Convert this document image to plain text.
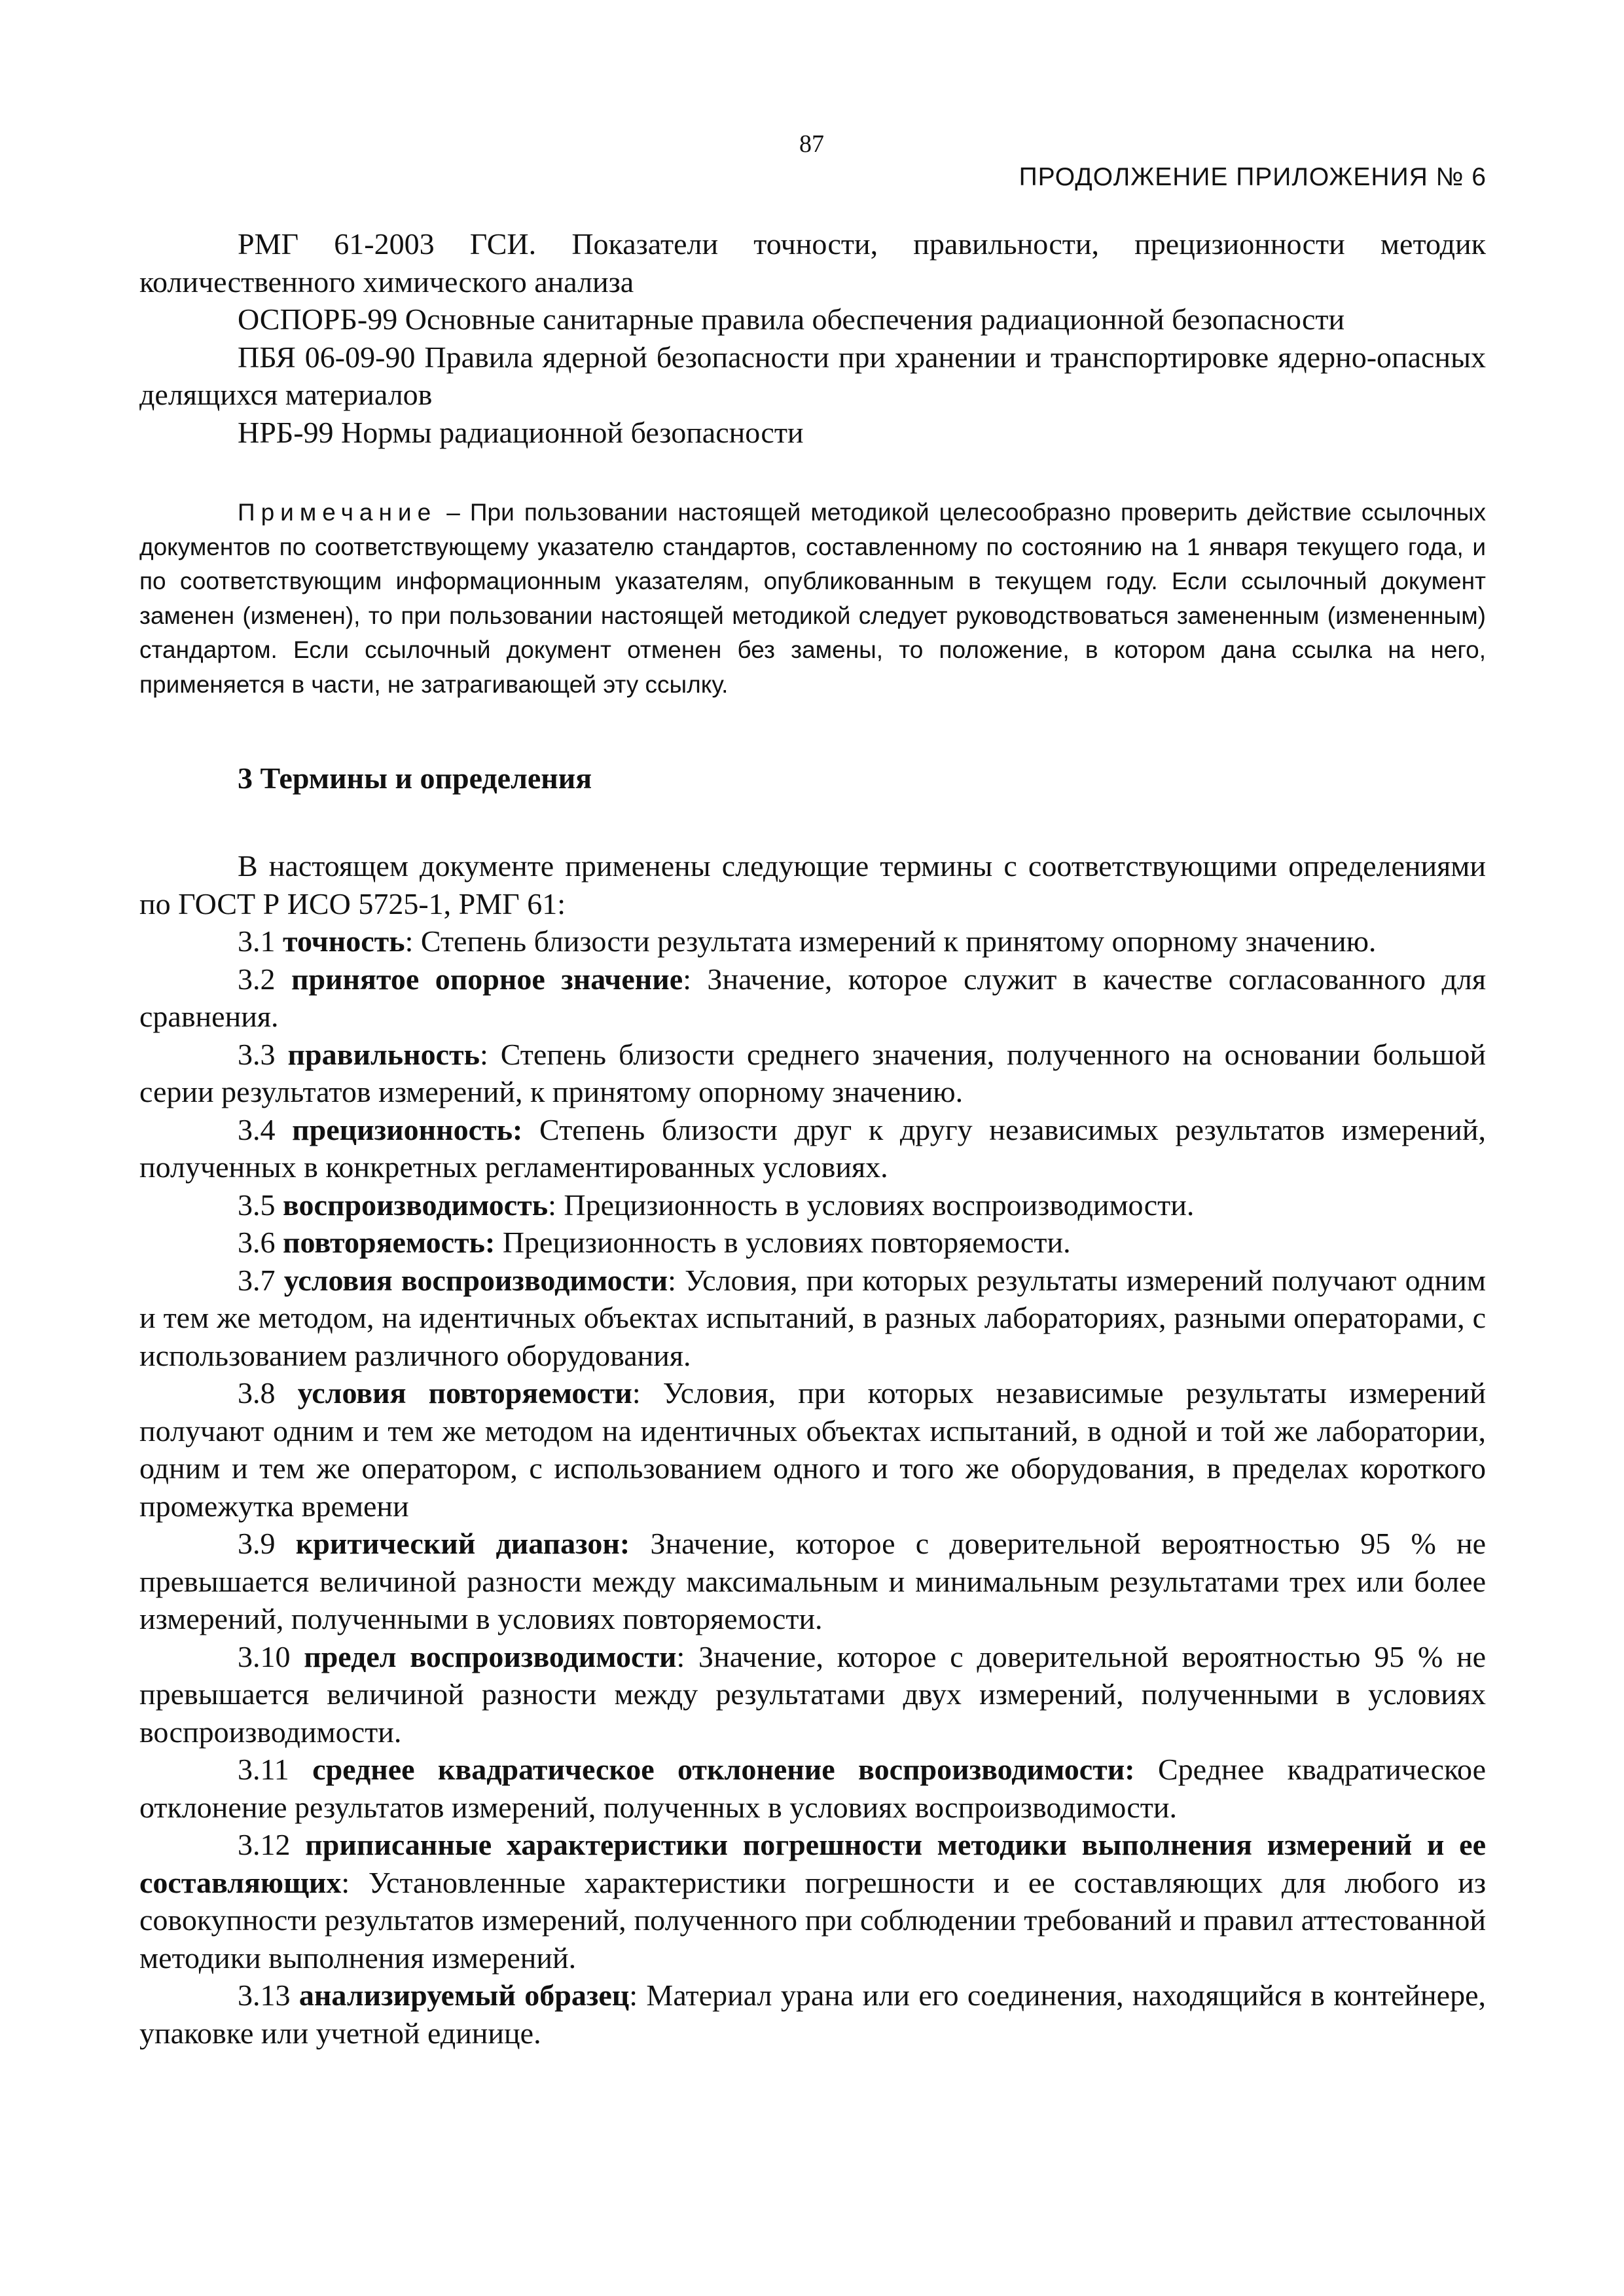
87
ПРОДОЛЖЕНИЕ ПРИЛОЖЕНИЯ № 6

РМГ 61-2003 ГСИ. Показатели точности, правильности, прецизионности методик количественного химического анализа

ОСПОРБ-99 Основные санитарные правила обеспечения радиационной безопасности

ПБЯ 06-09-90 Правила ядерной безопасности при хранении и транспортировке ядерно-опасных делящихся материалов

НРБ-99 Нормы радиационной безопасности

Примечание – При пользовании настоящей методикой целесообразно проверить действие ссылочных документов по соответствующему указателю стандартов, составленному по состоянию на 1 января текущего года, и по соответствующим информационным указателям, опубликованным в текущем году. Если ссылочный документ заменен (изменен), то при пользовании настоящей методикой следует руководствоваться замененным (измененным) стандартом. Если ссылочный документ отменен без замены, то положение, в котором дана ссылка на него, применяется в части, не затрагивающей эту ссылку.

3 Термины и определения

В настоящем документе применены следующие термины с соответствующими определениями по ГОСТ Р ИСО 5725-1, РМГ 61:

3.1 точность: Степень близости результата измерений к принятому опорному значению.

3.2 принятое опорное значение: Значение, которое служит в качестве согласованного для сравнения.

3.3 правильность: Степень близости среднего значения, полученного на основании большой серии результатов измерений, к принятому опорному значению.

3.4 прецизионность: Степень близости друг к другу независимых результатов измерений, полученных в конкретных регламентированных условиях.

3.5 воспроизводимость: Прецизионность в условиях воспроизводимости.

3.6 повторяемость: Прецизионность в условиях повторяемости.

3.7 условия воспроизводимости: Условия, при которых результаты измерений получают одним и тем же методом, на идентичных объектах испытаний, в разных лабораториях, разными операторами, с использованием различного оборудования.

3.8 условия повторяемости: Условия, при которых независимые результаты измерений получают одним и тем же методом на идентичных объектах испытаний, в одной и той же лаборатории, одним и тем же оператором, с использованием одного и того же оборудования, в пределах короткого промежутка времени

3.9 критический диапазон: Значение, которое с доверительной вероятностью 95 % не превышается величиной разности между максимальным и минимальным результатами трех или более измерений, полученными в условиях повторяемости.

3.10 предел воспроизводимости: Значение, которое с доверительной вероятностью 95 % не превышается величиной разности между результатами двух измерений, полученными в условиях воспроизводимости.

3.11 среднее квадратическое отклонение воспроизводимости: Среднее квадратическое отклонение результатов измерений, полученных в условиях воспроизводимости.

3.12 приписанные характеристики погрешности методики выполнения измерений и ее составляющих: Установленные характеристики погрешности и ее составляющих для любого из совокупности результатов измерений, полученного при соблюдении требований и правил аттестованной методики выполнения измерений.

3.13 анализируемый образец: Материал урана или его соединения, находящийся в контейнере, упаковке или учетной единице.
